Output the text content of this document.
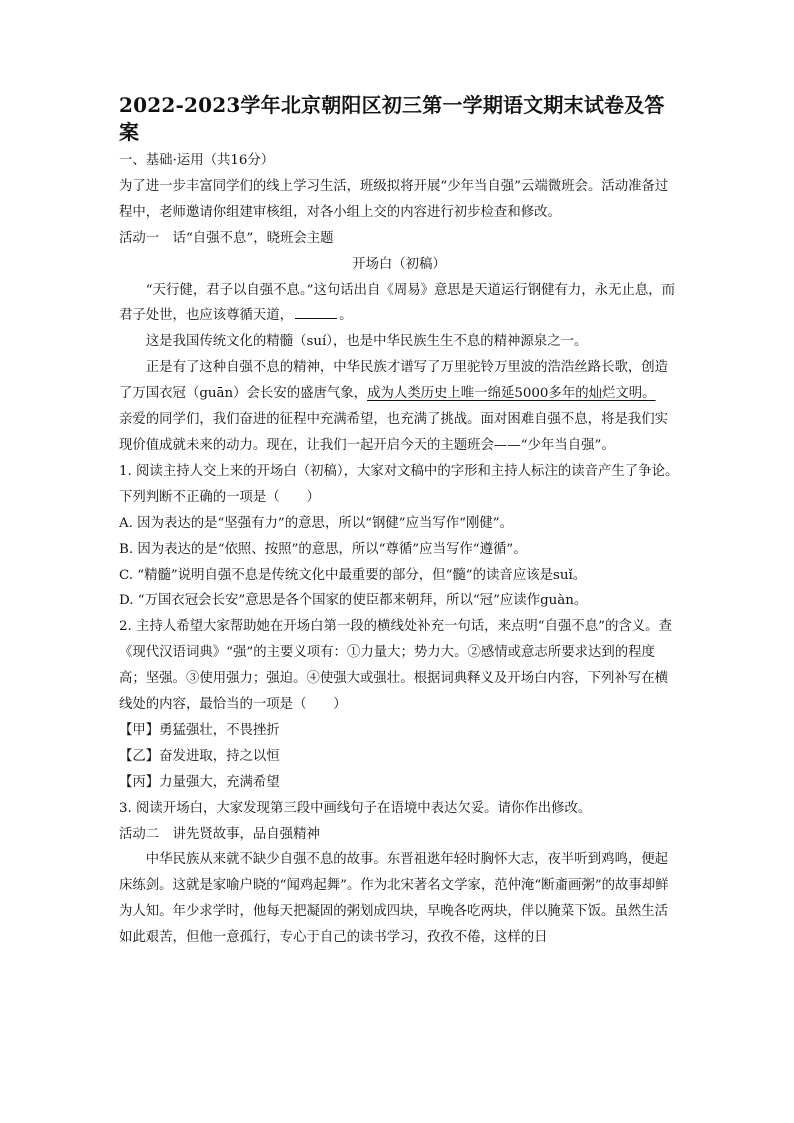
2022-2023学年北京朝阳区初三第一学期语文期末试卷及答案

一、基础·运用（共16分）

为了进一步丰富同学们的线上学习生活，班级拟将开展“少年当自强”云端微班会。活动准备过程中，老师邀请你组建审核组，对各小组上交的内容进行初步检查和修改。

活动一　话“自强不息”，晓班会主题

开场白（初稿）

“天行健，君子以自强不息。”这句话出自《周易》意思是天道运行钢健有力，永无止息，而君子处世，也应该尊循天道，	。

这是我国传统文化的精髓（suí），也是中华民族生生不息的精神源泉之一。

正是有了这种自强不息的精神，中华民族才谱写了万里驼铃万里波的浩浩丝路长歌，创造了万国衣冠（guān）会长安的盛唐气象，成为人类历史上唯一绵延5000多年的灿烂文明。

亲爱的同学们，我们奋进的征程中充满希望，也充满了挑战。面对困难自强不息，将是我们实现价值成就未来的动力。现在，让我们一起开启今天的主题班会——“少年当自强”。

1. 阅读主持人交上来的开场白（初稿），大家对文稿中的字形和主持人标注的读音产生了争论。下列判断不正确的一项是（　　）

A. 因为表达的是“坚强有力”的意思，所以“钢健”应当写作“刚健”。

B. 因为表达的是“依照、按照”的意思，所以“尊循”应当写作“遵循”。

C. “精髓”说明自强不息是传统文化中最重要的部分，但“髓”的读音应该是suǐ。

D. “万国衣冠会长安”意思是各个国家的使臣都来朝拜，所以“冠”应读作guàn。

2. 主持人希望大家帮助她在开场白第一段的横线处补充一句话，来点明“自强不息”的含义。查《现代汉语词典》“强”的主要义项有：①力量大；势力大。②感情或意志所要求达到的程度高；坚强。③使用强力；强迫。④使强大或强壮。根据词典释义及开场白内容，下列补写在横线处的内容，最恰当的一项是（　　）

【甲】勇猛强壮，不畏挫折

【乙】奋发进取，持之以恒

【丙】力量强大，充满希望

3. 阅读开场白，大家发现第三段中画线句子在语境中表达欠妥。请你作出修改。

活动二　讲先贤故事，品自强精神

中华民族从来就不缺少自强不息的故事。东晋祖逖年轻时胸怀大志，夜半听到鸡鸣，便起床练剑。这就是家喻户晓的“闻鸡起舞”。作为北宋著名文学家，范仲淹“断齑画粥”的故事却鲜为人知。年少求学时，他每天把凝固的粥划成四块，早晚各吃两块，伴以腌菜下饭。虽然生活如此艰苦，但他一意孤行，专心于自己的读书学习，孜孜不倦，这样的日
